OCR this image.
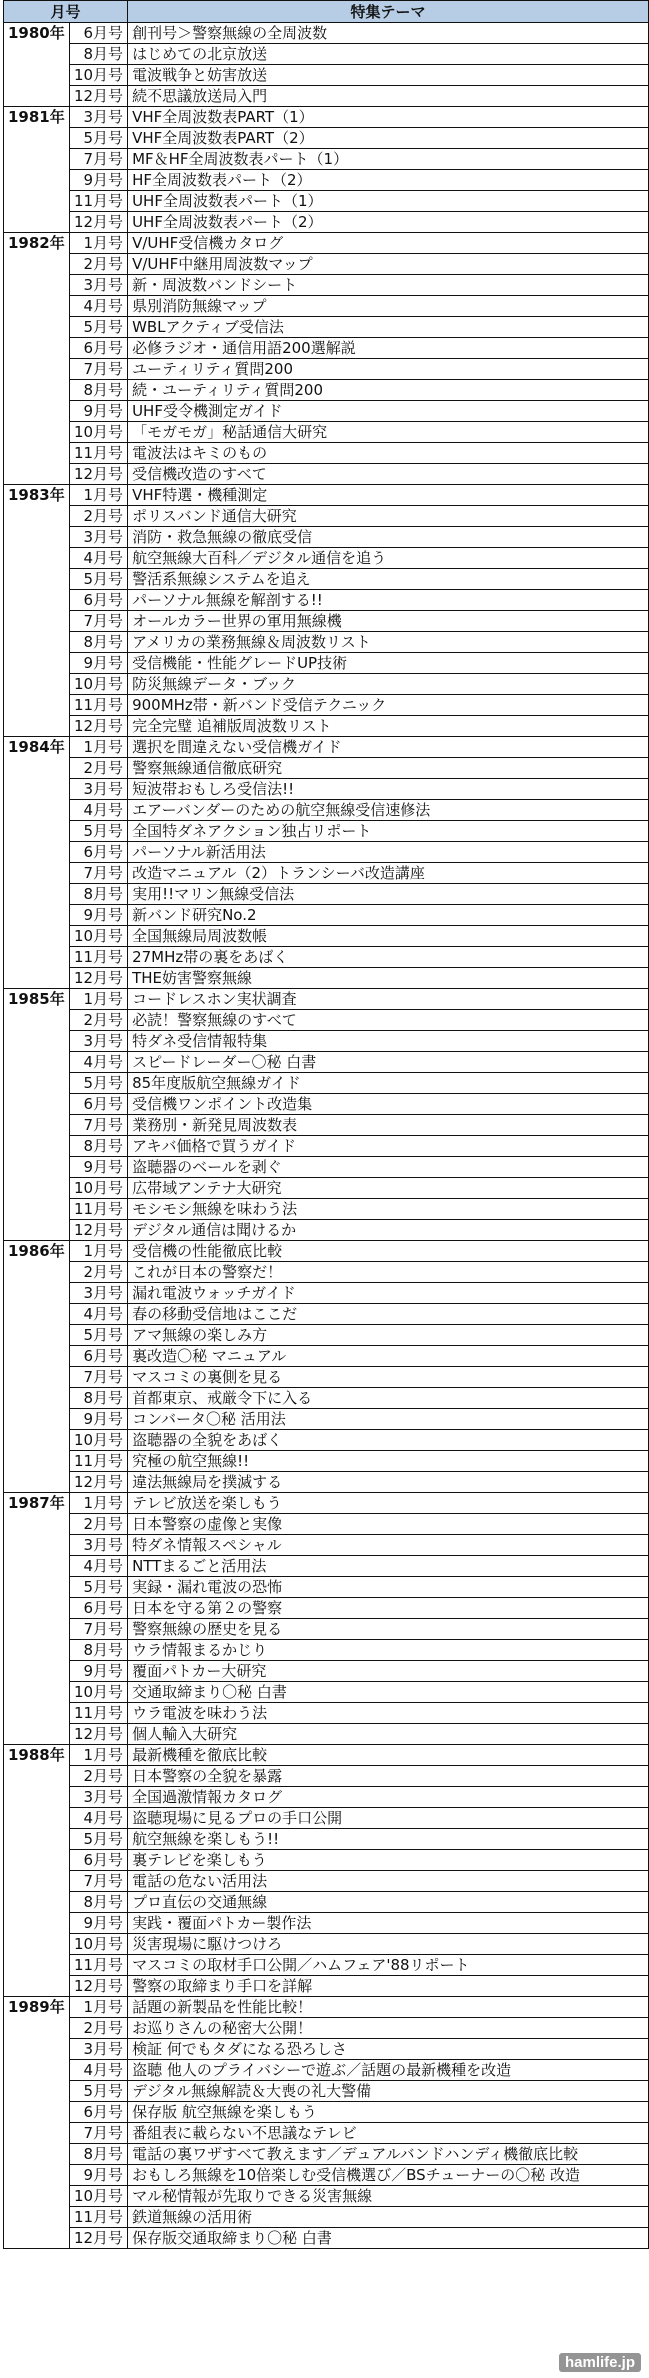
月号		特集テーマ
1980年	6月号	創刊号＞警察無線の全周波数
	8月号	はじめての北京放送
	10月号	電波戦争と妨害放送
	12月号	続不思議放送局入門
1981年	3月号	VHF全周波数表PART（1）
	5月号	VHF全周波数表PART（2）
	7月号	MF＆HF全周波数表パート（1）
	9月号	HF全周波数表パート（2）
	11月号	UHF全周波数表パート（1）
	12月号	UHF全周波数表パート（2）
1982年	1月号	V/UHF受信機カタログ
	2月号	V/UHF中継用周波数マップ
	3月号	新・周波数バンドシート
	4月号	県別消防無線マップ
	5月号	WBLアクティブ受信法
	6月号	必修ラジオ・通信用語200選解説
	7月号	ユーティリティ質問200
	8月号	続・ユーティリティ質問200
	9月号	UHF受令機測定ガイド
	10月号	「モガモガ」秘話通信大研究
	11月号	電波法はキミのもの
	12月号	受信機改造のすべて
1983年	1月号	VHF特選・機種測定
	2月号	ポリスバンド通信大研究
	3月号	消防・救急無線の徹底受信
	4月号	航空無線大百科／デジタル通信を追う
	5月号	警活系無線システムを追え
	6月号	パーソナル無線を解剖する!!
	7月号	オールカラー世界の軍用無線機
	8月号	アメリカの業務無線＆周波数リスト
	9月号	受信機能・性能グレードUP技術
	10月号	防災無線データ・ブック
	11月号	900MHz帯・新バンド受信テクニック
	12月号	完全完璧 追補版周波数リスト
1984年	1月号	選択を間違えない受信機ガイド
	2月号	警察無線通信徹底研究
	3月号	短波帯おもしろ受信法!!
	4月号	エアーバンダーのための航空無線受信速修法
	5月号	全国特ダネアクション独占リポート
	6月号	パーソナル新活用法
	7月号	改造マニュアル（2）トランシーバ改造講座
	8月号	実用!!マリン無線受信法
	9月号	新バンド研究No.2
	10月号	全国無線局周波数帳
	11月号	27MHz帯の裏をあばく
	12月号	THE妨害警察無線
1985年	1月号	コードレスホン実状調査
	2月号	必読！警察無線のすべて
	3月号	特ダネ受信情報特集
	4月号	スピードレーダー〇秘 白書
	5月号	85年度版航空無線ガイド
	6月号	受信機ワンポイント改造集
	7月号	業務別・新発見周波数表
	8月号	アキバ価格で買うガイド
	9月号	盗聴器のベールを剥ぐ
	10月号	広帯域アンテナ大研究
	11月号	モシモシ無線を味わう法
	12月号	デジタル通信は聞けるか
1986年	1月号	受信機の性能徹底比較
	2月号	これが日本の警察だ！
	3月号	漏れ電波ウォッチガイド
	4月号	春の移動受信地はここだ
	5月号	アマ無線の楽しみ方
	6月号	裏改造〇秘 マニュアル
	7月号	マスコミの裏側を見る
	8月号	首都東京、戒厳令下に入る
	9月号	コンバータ〇秘 活用法
	10月号	盗聴器の全貌をあばく
	11月号	究極の航空無線!!
	12月号	違法無線局を撲滅する
1987年	1月号	テレビ放送を楽しもう
	2月号	日本警察の虚像と実像
	3月号	特ダネ情報スペシャル
	4月号	NTTまるごと活用法
	5月号	実録・漏れ電波の恐怖
	6月号	日本を守る第２の警察
	7月号	警察無線の歴史を見る
	8月号	ウラ情報まるかじり
	9月号	覆面パトカー大研究
	10月号	交通取締まり〇秘 白書
	11月号	ウラ電波を味わう法
	12月号	個人輸入大研究
1988年	1月号	最新機種を徹底比較
	2月号	日本警察の全貌を暴露
	3月号	全国過激情報カタログ
	4月号	盗聴現場に見るプロの手口公開
	5月号	航空無線を楽しもう!!
	6月号	裏テレビを楽しもう
	7月号	電話の危ない活用法
	8月号	プロ直伝の交通無線
	9月号	実践・覆面パトカー製作法
	10月号	災害現場に駆けつけろ
	11月号	マスコミの取材手口公開／ハムフェア'88リポート
	12月号	警察の取締まり手口を詳解
1989年	1月号	話題の新製品を性能比較！
	2月号	お巡りさんの秘密大公開！
	3月号	検証 何でもタダになる恐ろしさ
	4月号	盗聴 他人のプライバシーで遊ぶ／話題の最新機種を改造
	5月号	デジタル無線解読＆大喪の礼大警備
	6月号	保存版 航空無線を楽しもう
	7月号	番組表に載らない不思議なテレビ
	8月号	電話の裏ワザすべて教えます／デュアルバンドハンディ機徹底比較
	9月号	おもしろ無線を10倍楽しむ受信機選び／BSチューナーの〇秘 改造
	10月号	マル秘情報が先取りできる災害無線
	11月号	鉄道無線の活用術
	12月号	保存版交通取締まり〇秘 白書
hamlife.jp
